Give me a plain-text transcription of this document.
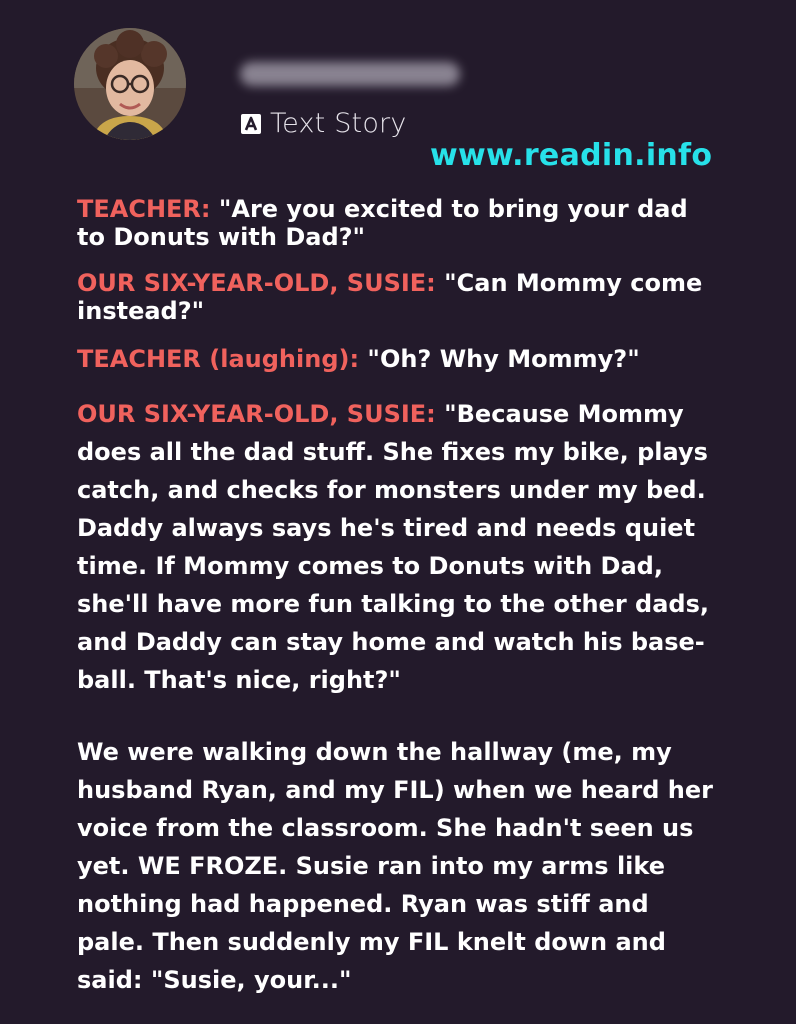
Text Story
www.readin.info
TEACHER: "Are you excited to bring your dad
to Donuts with Dad?"
OUR SIX-YEAR-OLD, SUSIE: "Can Mommy come
instead?"
TEACHER (laughing): "Oh? Why Mommy?"
OUR SIX-YEAR-OLD, SUSIE: "Because Mommy
does all the dad stuff. She fixes my bike, plays
catch, and checks for monsters under my bed.
Daddy always says he's tired and needs quiet
time. If Mommy comes to Donuts with Dad,
she'll have more fun talking to the other dads,
and Daddy can stay home and watch his base-
ball. That's nice, right?"
We were walking down the hallway (me, my
husband Ryan, and my FIL) when we heard her
voice from the classroom. She hadn't seen us
yet. WE FROZE. Susie ran into my arms like
nothing had happened. Ryan was stiff and
pale. Then suddenly my FIL knelt down and
said: "Susie, your..."
